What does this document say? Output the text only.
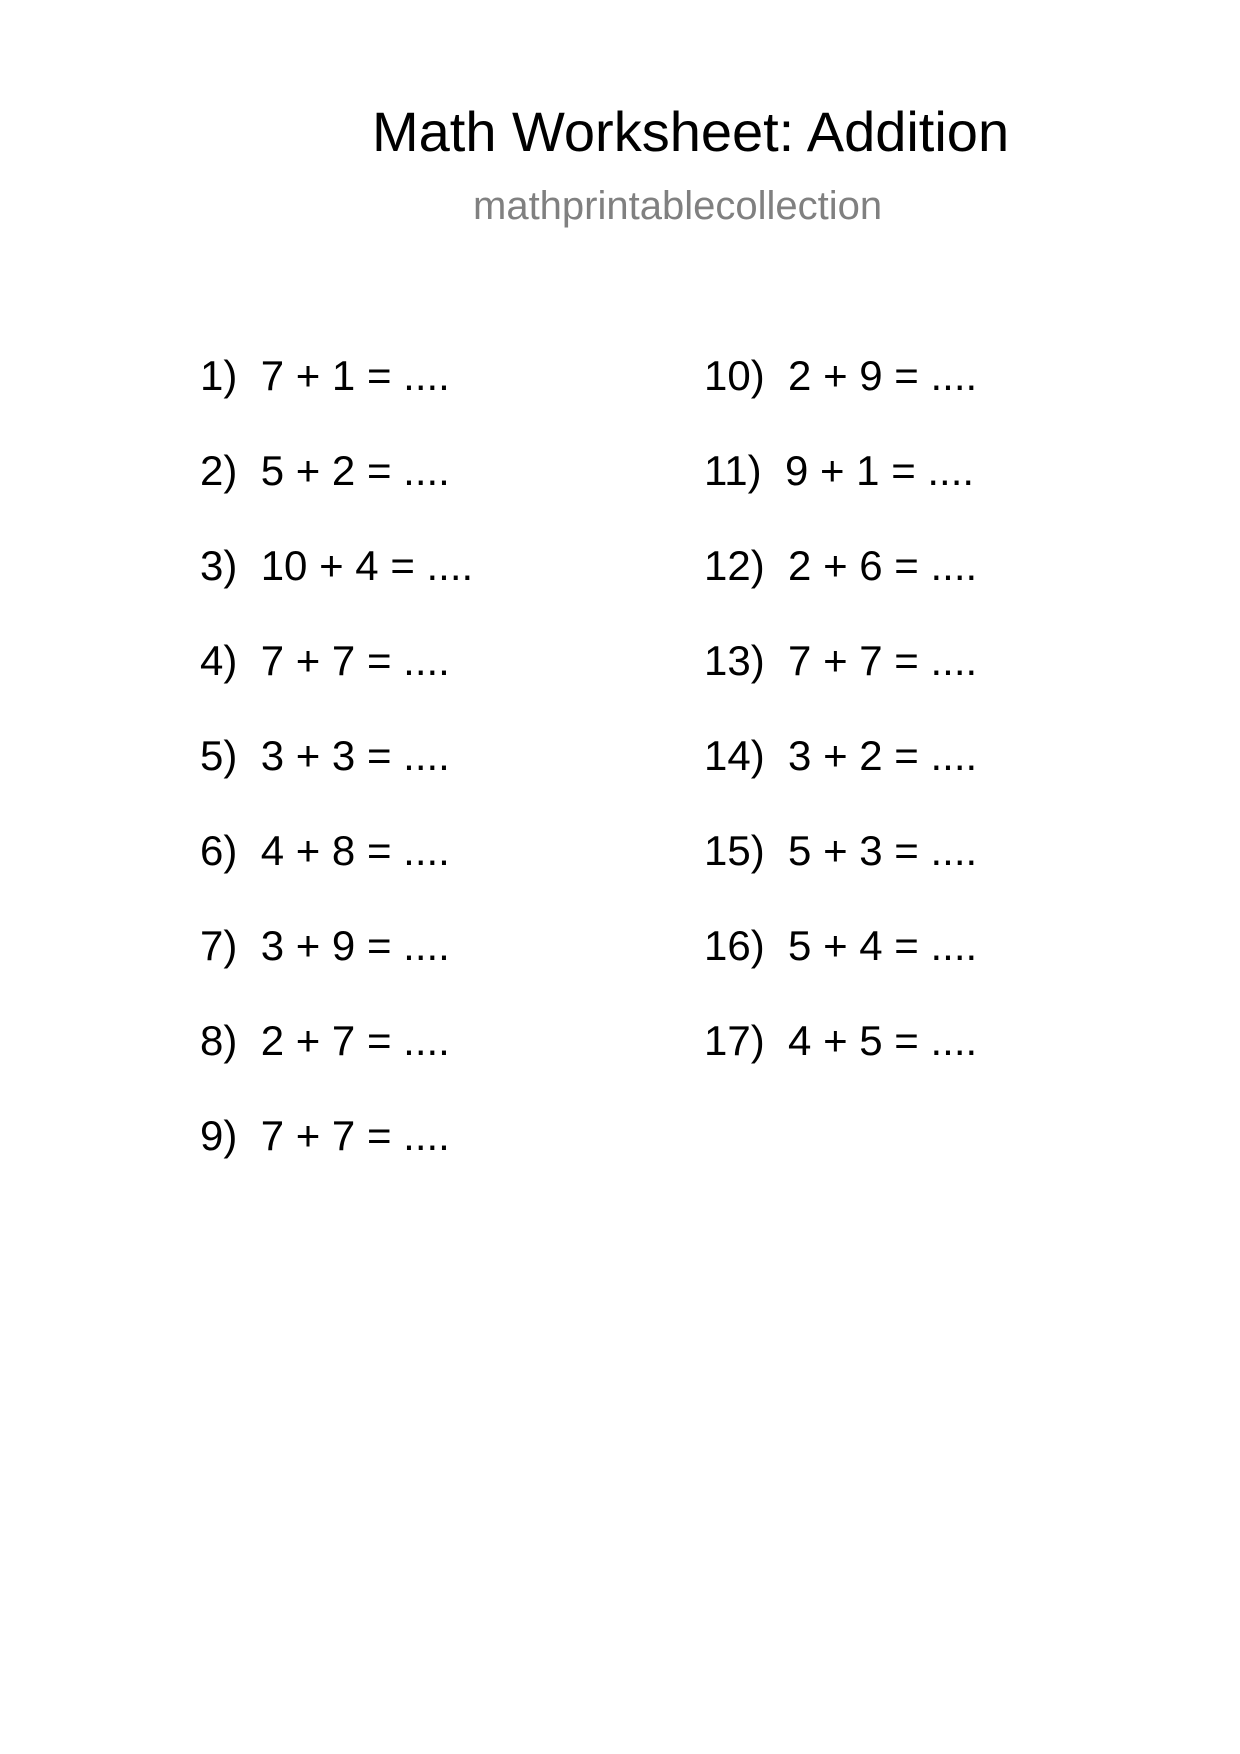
Math Worksheet: Addition
mathprintablecollection
1) 7 + 1 = ....
2) 5 + 2 = ....
3) 10 + 4 = ....
4) 7 + 7 = ....
5) 3 + 3 = ....
6) 4 + 8 = ....
7) 3 + 9 = ....
8) 2 + 7 = ....
9) 7 + 7 = ....
10) 2 + 9 = ....
11) 9 + 1 = ....
12) 2 + 6 = ....
13) 7 + 7 = ....
14) 3 + 2 = ....
15) 5 + 3 = ....
16) 5 + 4 = ....
17) 4 + 5 = ....
